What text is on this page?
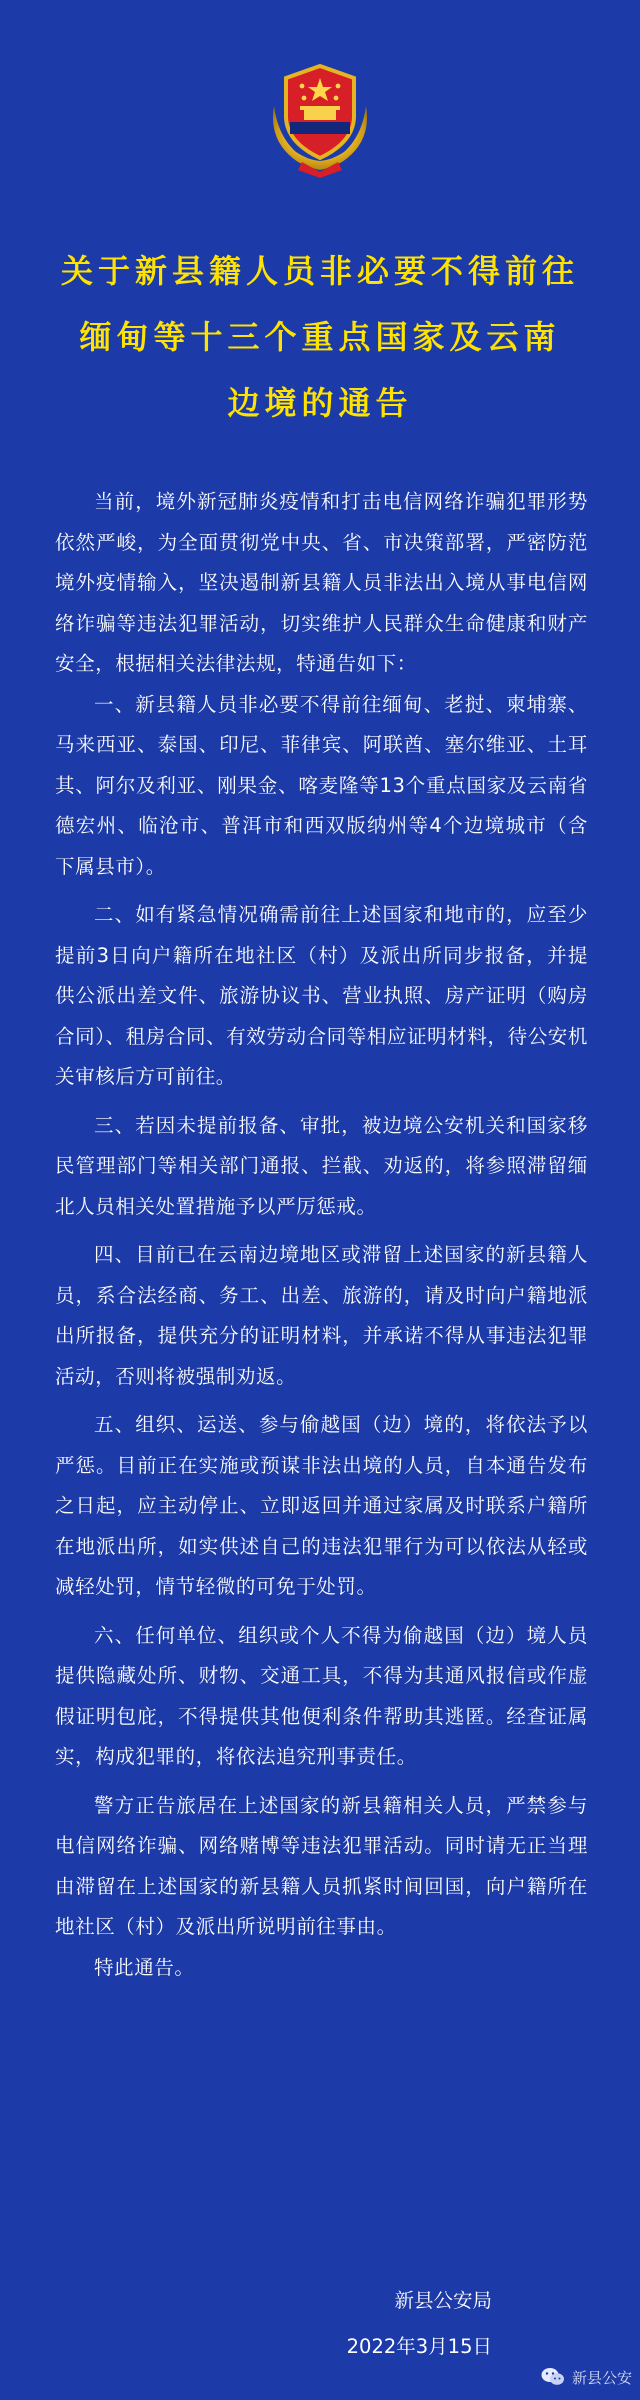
关于新县籍人员非必要不得前往
缅甸等十三个重点国家及云南
边境的通告

当前，境外新冠肺炎疫情和打击电信网络诈骗犯罪形势依然严峻，为全面贯彻党中央、省、市决策部署，严密防范境外疫情输入，坚决遏制新县籍人员非法出入境从事电信网络诈骗等违法犯罪活动，切实维护人民群众生命健康和财产安全，根据相关法律法规，特通告如下：

一、新县籍人员非必要不得前往缅甸、老挝、柬埔寨、马来西亚、泰国、印尼、菲律宾、阿联酋、塞尔维亚、土耳其、阿尔及利亚、刚果金、喀麦隆等13个重点国家及云南省德宏州、临沧市、普洱市和西双版纳州等4个边境城市（含下属县市）。

二、如有紧急情况确需前往上述国家和地市的，应至少提前3日向户籍所在地社区（村）及派出所同步报备，并提供公派出差文件、旅游协议书、营业执照、房产证明（购房合同）、租房合同、有效劳动合同等相应证明材料，待公安机关审核后方可前往。

三、若因未提前报备、审批，被边境公安机关和国家移民管理部门等相关部门通报、拦截、劝返的，将参照滞留缅北人员相关处置措施予以严厉惩戒。

四、目前已在云南边境地区或滞留上述国家的新县籍人员，系合法经商、务工、出差、旅游的，请及时向户籍地派出所报备，提供充分的证明材料，并承诺不得从事违法犯罪活动，否则将被强制劝返。

五、组织、运送、参与偷越国（边）境的，将依法予以严惩。目前正在实施或预谋非法出境的人员，自本通告发布之日起，应主动停止、立即返回并通过家属及时联系户籍所在地派出所，如实供述自己的违法犯罪行为可以依法从轻或减轻处罚，情节轻微的可免于处罚。

六、任何单位、组织或个人不得为偷越国（边）境人员提供隐藏处所、财物、交通工具，不得为其通风报信或作虚假证明包庇，不得提供其他便利条件帮助其逃匿。经查证属实，构成犯罪的，将依法追究刑事责任。

警方正告旅居在上述国家的新县籍相关人员，严禁参与电信网络诈骗、网络赌博等违法犯罪活动。同时请无正当理由滞留在上述国家的新县籍人员抓紧时间回国，向户籍所在地社区（村）及派出所说明前往事由。

特此通告。

新县公安局
2022年3月15日
新县公安
